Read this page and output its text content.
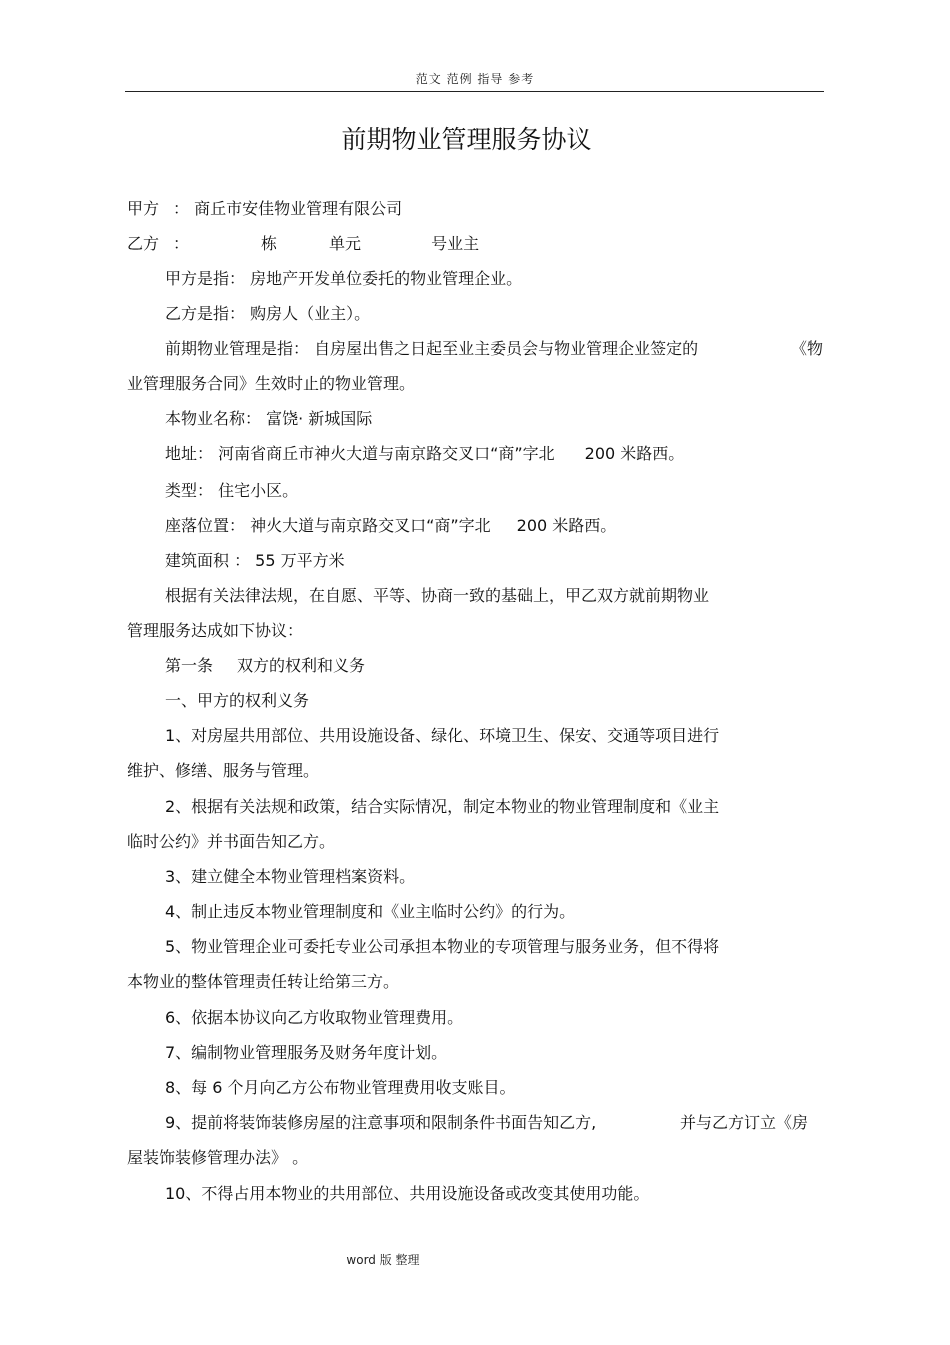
范文 范例 指导 参考
前期物业管理服务协议
甲方 ： 商丘市安佳物业管理有限公司
乙方 ：	栋	单元	号业主
甲方是指： 房地产开发单位委托的物业管理企业。
乙方是指： 购房人（业主）。
前期物业管理是指： 自房屋出售之日起至业主委员会与物业管理企业签定的	《物
业管理服务合同》生效时止的物业管理。
本物业名称： 富饶· 新城国际
地址： 河南省商丘市神火大道与南京路交叉口“商”字北 200 米路西。
类型： 住宅小区。
座落位置： 神火大道与南京路交叉口“商”字北 200 米路西。
建筑面积 ： 55 万平方米
根据有关法律法规，在自愿、平等、协商一致的基础上，甲乙双方就前期物业
管理服务达成如下协议：
第一条 双方的权利和义务
一、甲方的权利义务
1、对房屋共用部位、共用设施设备、绿化、环境卫生、保安、交通等项目进行
维护、修缮、服务与管理。
2、根据有关法规和政策，结合实际情况，制定本物业的物业管理制度和《业主
临时公约》并书面告知乙方。
3、建立健全本物业管理档案资料。
4、制止违反本物业管理制度和《业主临时公约》的行为。
5、物业管理企业可委托专业公司承担本物业的专项管理与服务业务，但不得将
本物业的整体管理责任转让给第三方。
6、依据本协议向乙方收取物业管理费用。
7、编制物业管理服务及财务年度计划。
8、每 6 个月向乙方公布物业管理费用收支账目。
9、提前将装饰装修房屋的注意事项和限制条件书面告知乙方,	并与乙方订立《房
屋装饰装修管理办法》 。
10、不得占用本物业的共用部位、共用设施设备或改变其使用功能。
word 版 整理
